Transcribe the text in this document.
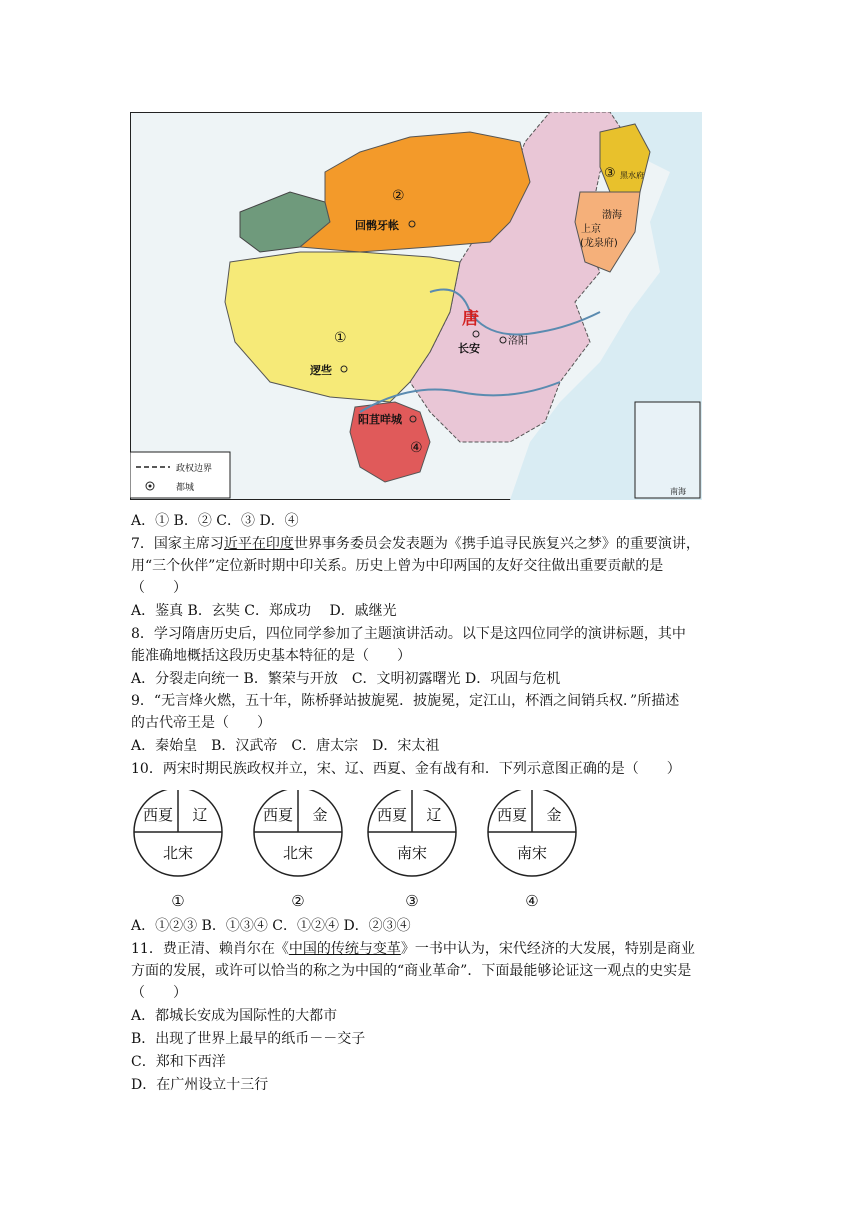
②
①
③
④
回鹘牙帐
逻些
黑水府
阳苴咩城
唐
长安
洛阳
渤海
上京
(龙泉府)
政权边界
都城	南海
A．① B．② C．③ D．④
7．国家主席习近平在印度世界事务委员会发表题为《携手追寻民族复兴之梦》的重要演讲，
用“三个伙伴”定位新时期中印关系。历史上曾为中印两国的友好交往做出重要贡献的是
（　　）
A．鉴真 B．玄奘 C．郑成功　 D．戚继光
8．学习隋唐历史后，四位同学参加了主题演讲活动。以下是这四位同学的演讲标题，其中
能准确地概括这段历史基本特征的是（　　）
A．分裂走向统一 B．繁荣与开放　C．文明初露曙光 D．巩固与危机
9．“无言烽火燃，五十年，陈桥驿站披旎冕．披旎冕，定江山，杯酒之间销兵权．”所描述
的古代帝王是（　　）
A．秦始皇　B．汉武帝　C．唐太宗　D．宋太祖
10．两宋时期民族政权并立，宋、辽、西夏、金有战有和．下列示意图正确的是（　　）
西夏 辽
北宋
①
西夏 金
北宋
②
西夏 辽
南宋
③
西夏 金
南宋
④
A．①②③ B．①③④ C．①②④ D．②③④
11．费正清、赖肖尔在《中国的传统与变革》一书中认为，宋代经济的大发展，特别是商业
方面的发展，或许可以恰当的称之为中国的“商业革命”．下面最能够论证这一观点的史实是
（　　）
A．都城长安成为国际性的大都市
B．出现了世界上最早的纸币－－交子
C．郑和下西洋
D．在广州设立十三行
